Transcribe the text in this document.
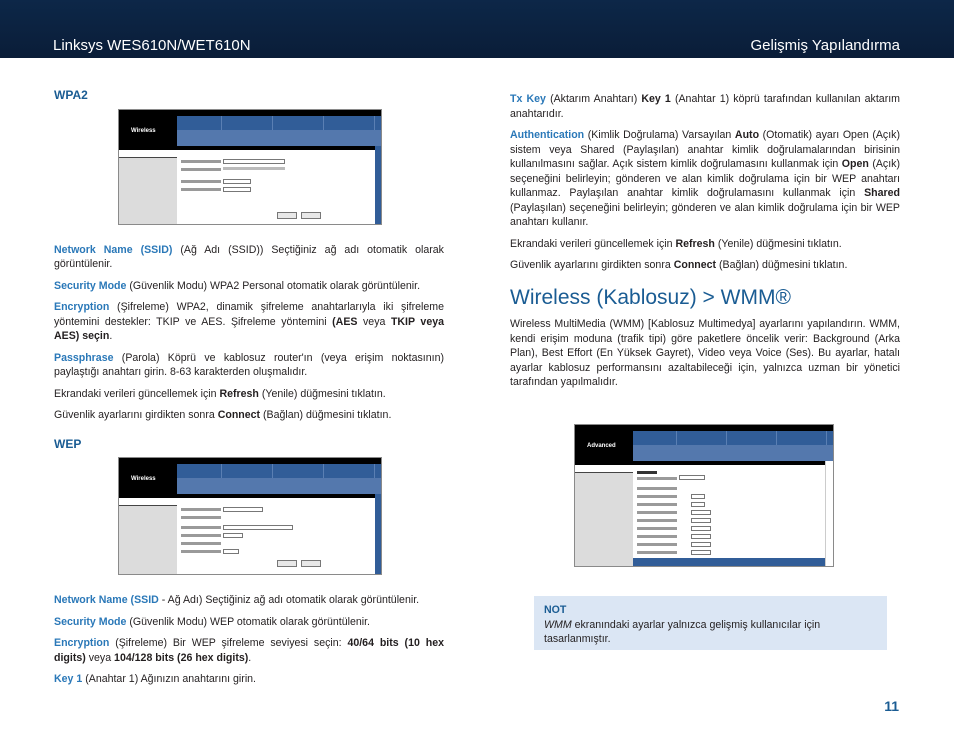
Linksys WES610N/WET610N	Gelişmiş Yapılandırma
WPA2
Wireless

Network Name (SSID) (Ağ Adı (SSID)) Seçtiğiniz ağ adı otomatik olarak görüntülenir.

Security Mode (Güvenlik Modu) WPA2 Personal otomatik olarak görüntülenir.

Encryption (Şifreleme) WPA2, dinamik şifreleme anahtarlarıyla iki şifreleme yöntemini destekler: TKIP ve AES. Şifreleme yöntemini (AES veya TKIP veya AES) seçin.

Passphrase (Parola) Köprü ve kablosuz router'ın (veya erişim noktasının) paylaştığı anahtarı girin. 8-63 karakterden oluşmalıdır.

Ekrandaki verileri güncellemek için Refresh (Yenile) düğmesini tıklatın.

Güvenlik ayarlarını girdikten sonra Connect (Bağlan) düğmesini tıklatın.

WEP
Wireless

Network Name (SSID - Ağ Adı) Seçtiğiniz ağ adı otomatik olarak görüntülenir.

Security Mode (Güvenlik Modu) WEP otomatik olarak görüntülenir.

Encryption (Şifreleme) Bir WEP şifreleme seviyesi seçin: 40/64 bits (10 hex digits) veya 104/128 bits (26 hex digits).

Key 1 (Anahtar 1) Ağınızın anahtarını girin.

Tx Key (Aktarım Anahtarı) Key 1 (Anahtar 1) köprü tarafından kullanılan aktarım anahtarıdır.

Authentication (Kimlik Doğrulama) Varsayılan Auto (Otomatik) ayarı Open (Açık) sistem veya Shared (Paylaşılan) anahtar kimlik doğrulamalarından birisinin kullanılmasını sağlar. Açık sistem kimlik doğrulamasını kullanmak için Open (Açık) seçeneğini belirleyin; gönderen ve alan kimlik doğrulama için bir WEP anahtarı kullanmaz. Paylaşılan anahtar kimlik doğrulamasını kullanmak için Shared (Paylaşılan) seçeneğini belirleyin; gönderen ve alan kimlik doğrulama için bir WEP anahtarı kullanır.

Ekrandaki verileri güncellemek için Refresh (Yenile) düğmesini tıklatın.

Güvenlik ayarlarını girdikten sonra Connect (Bağlan) düğmesini tıklatın.

Wireless (Kablosuz) > WMM®

Wireless MultiMedia (WMM) [Kablosuz Multimedya] ayarlarını yapılandırın. WMM, kendi erişim moduna (trafik tipi) göre paketlere öncelik verir: Background (Arka Plan), Best Effort (En Yüksek Gayret), Video veya Voice (Ses). Bu ayarlar, hatalı ayarlar kablosuz performansını azaltabileceği için, yalnızca uzman bir yönetici tarafından yapılmalıdır.

Advanced
NOT
WMM ekranındaki ayarlar yalnızca gelişmiş kullanıcılar için tasarlanmıştır.
11
